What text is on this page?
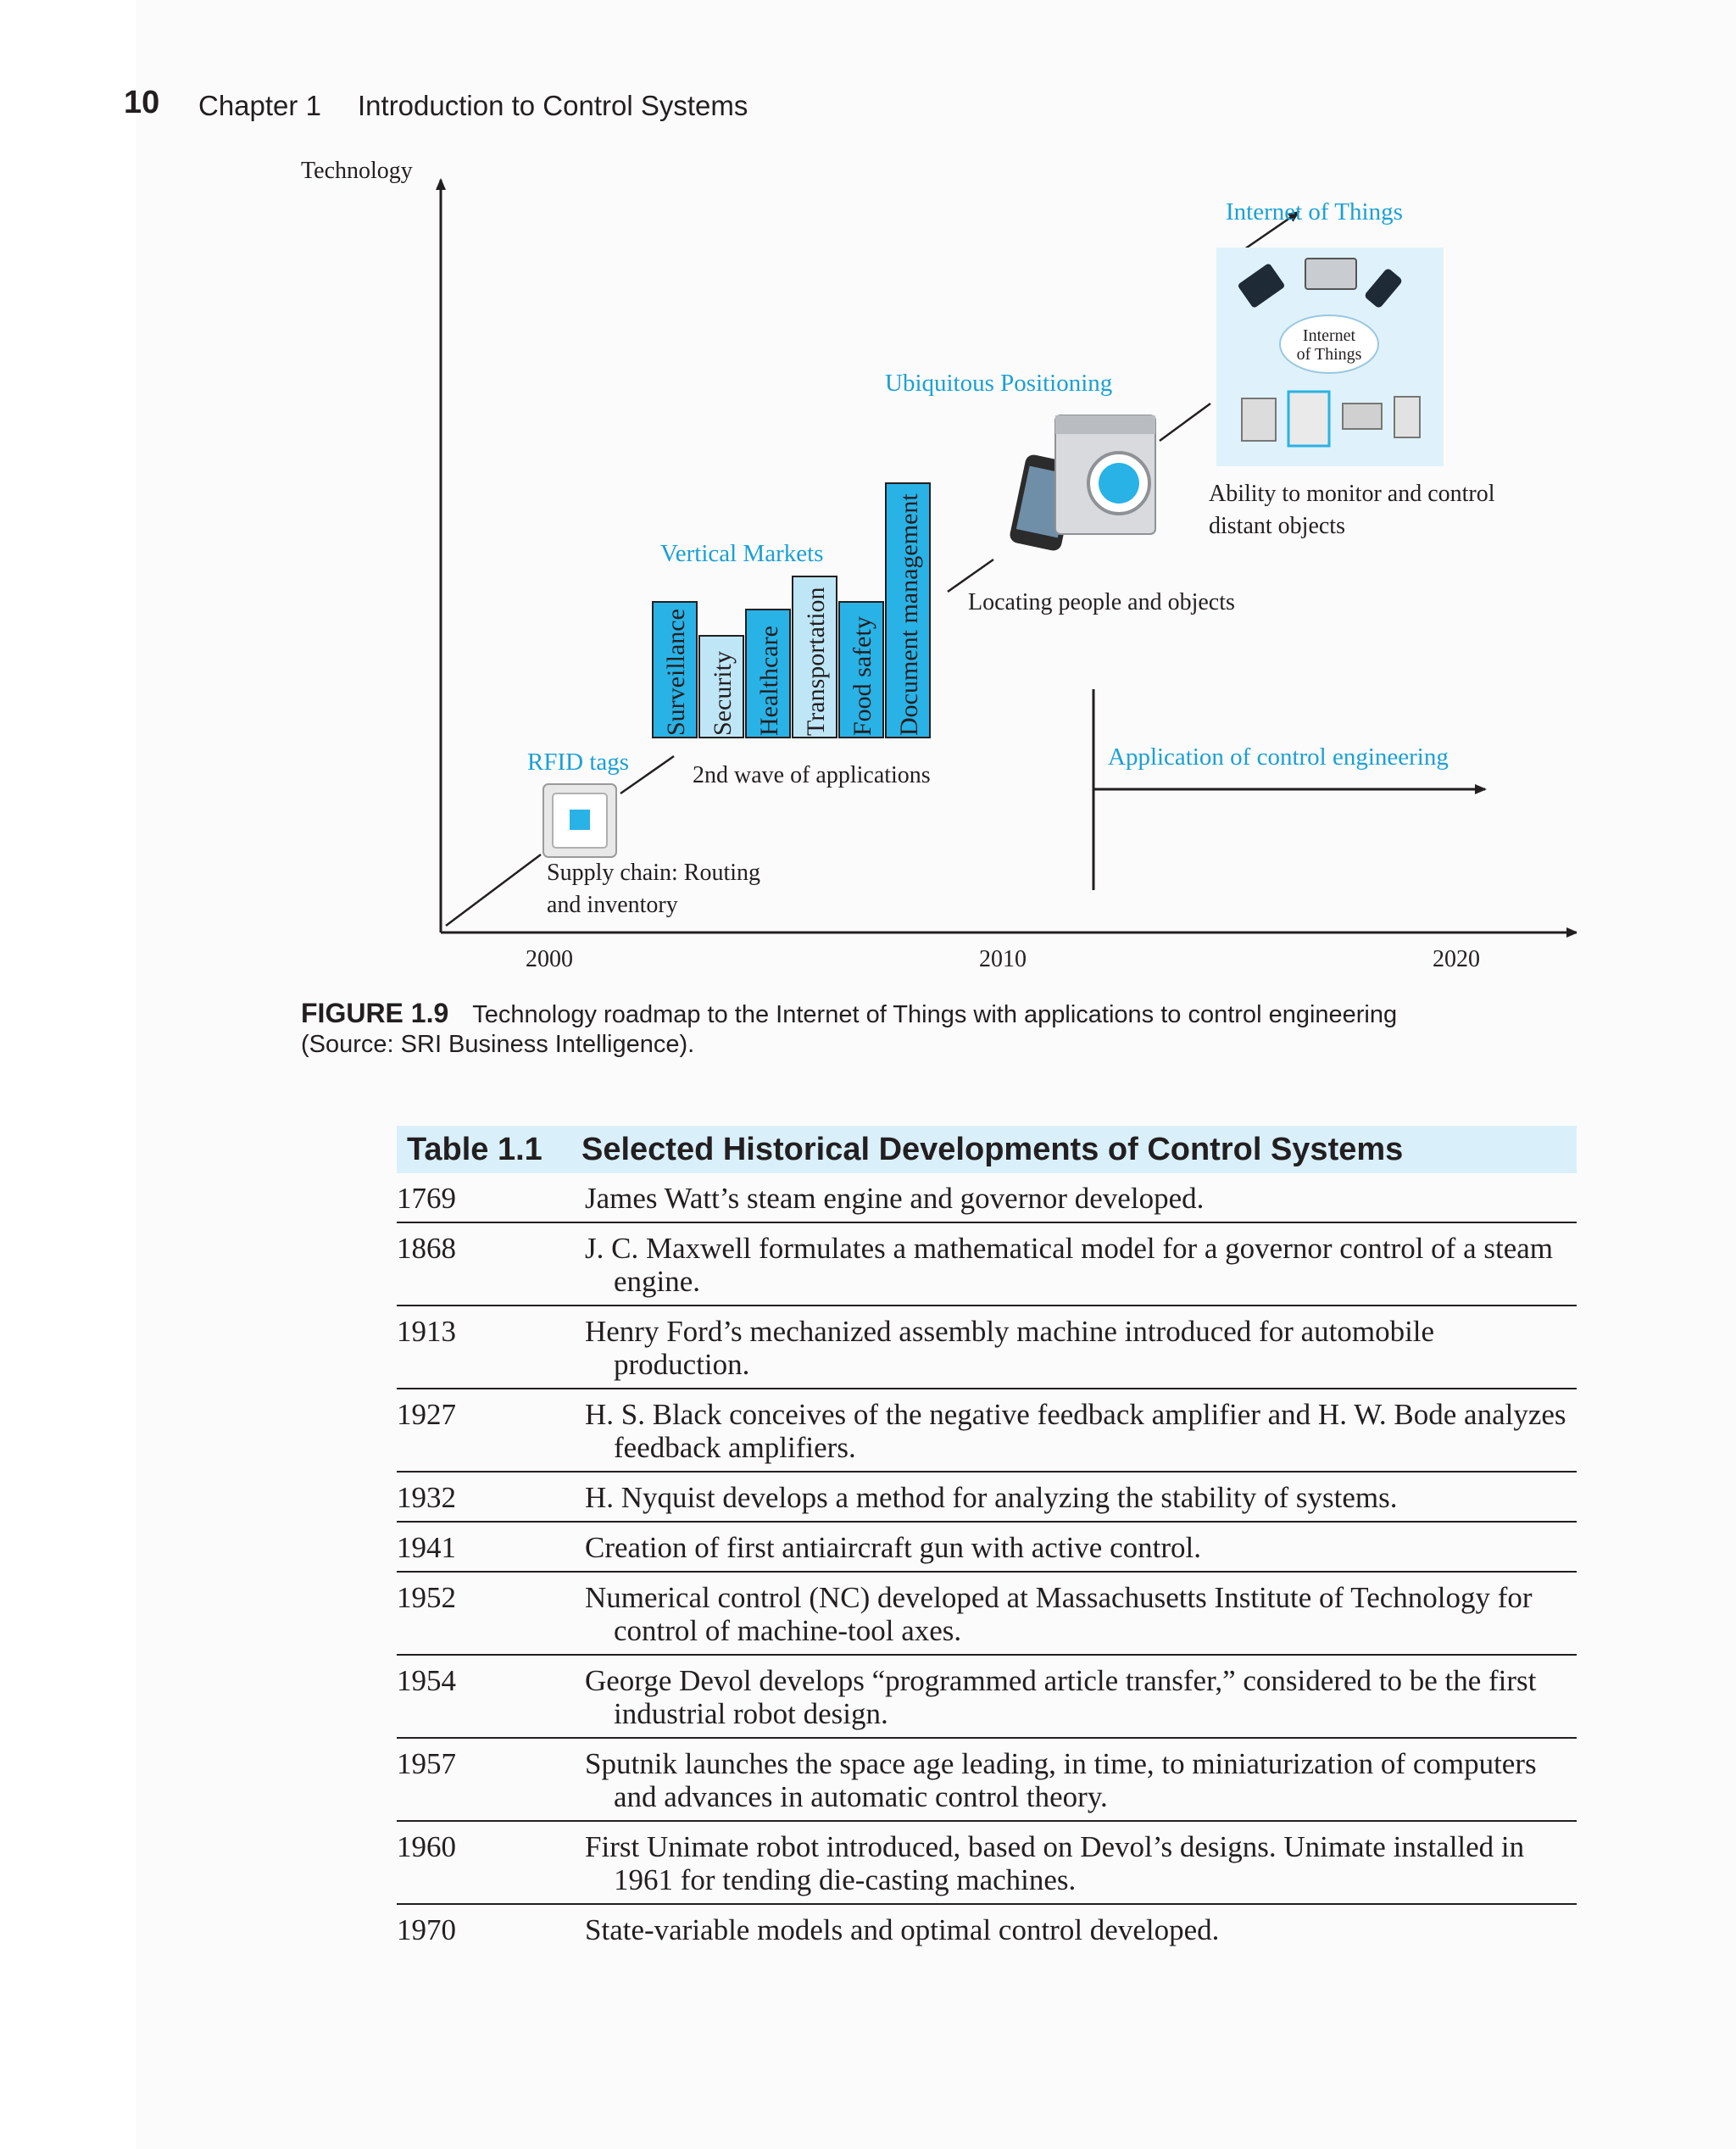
10 Chapter 1 Introduction to Control Systems
Technology
2000	2010	2020
RFID tags
Supply chain: Routing
and inventory
2nd wave of applications
Vertical Markets
Surveillance Security Healthcare Transportation Food safety Document management
Ubiquitous Positioning
Locating people and objects
Internet of Things
Internet
of Things
Ability to monitor and control
distant objects
Application of control engineering
FIGURE 1.9 Technology roadmap to the Internet of Things with applications to control engineering
(Source: SRI Business Intelligence).
Table 1.1	Selected Historical Developments of Control Systems
1769	James Watt’s steam engine and governor developed.
1868	J. C. Maxwell formulates a mathematical model for a governor control of a steam engine.
1913	Henry Ford’s mechanized assembly machine introduced for automobile production.
1927	H. S. Black conceives of the negative feedback amplifier and H. W. Bode analyzes feedback amplifiers.
1932	H. Nyquist develops a method for analyzing the stability of systems.
1941	Creation of first antiaircraft gun with active control.
1952	Numerical control (NC) developed at Massachusetts Institute of Technology for control of machine-tool axes.
1954	George Devol develops “programmed article transfer,” considered to be the first industrial robot design.
1957	Sputnik launches the space age leading, in time, to miniaturization of computers and advances in automatic control theory.
1960	First Unimate robot introduced, based on Devol’s designs. Unimate installed in 1961 for tending die-casting machines.
1970	State-variable models and optimal control developed.
